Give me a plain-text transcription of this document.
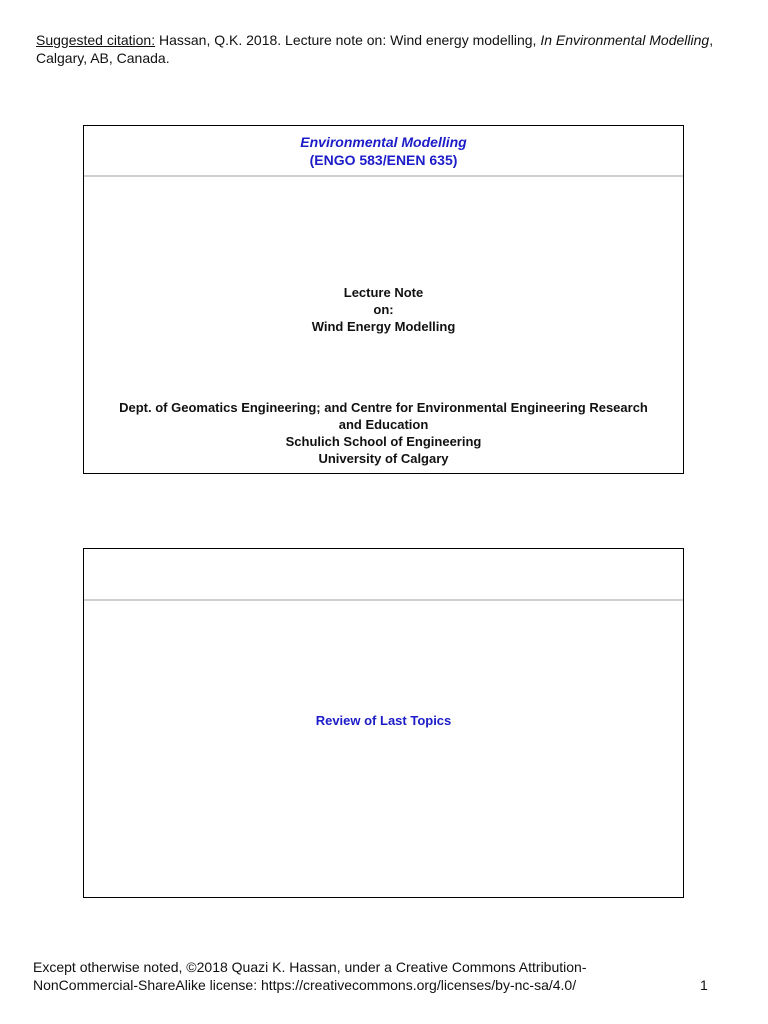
Suggested citation: Hassan, Q.K. 2018. Lecture note on: Wind energy modelling, In Environmental Modelling, Calgary, AB, Canada.
Environmental Modelling
(ENGO 583/ENEN 635)
Lecture Note
on:
Wind Energy Modelling
Dept. of Geomatics Engineering; and Centre for Environmental Engineering Research
and Education
Schulich School of Engineering
University of Calgary
Review of Last Topics
Except otherwise noted, ©2018 Quazi K. Hassan, under a Creative Commons Attribution-
NonCommercial-ShareAlike license: https://creativecommons.org/licenses/by-nc-sa/4.0/	1
